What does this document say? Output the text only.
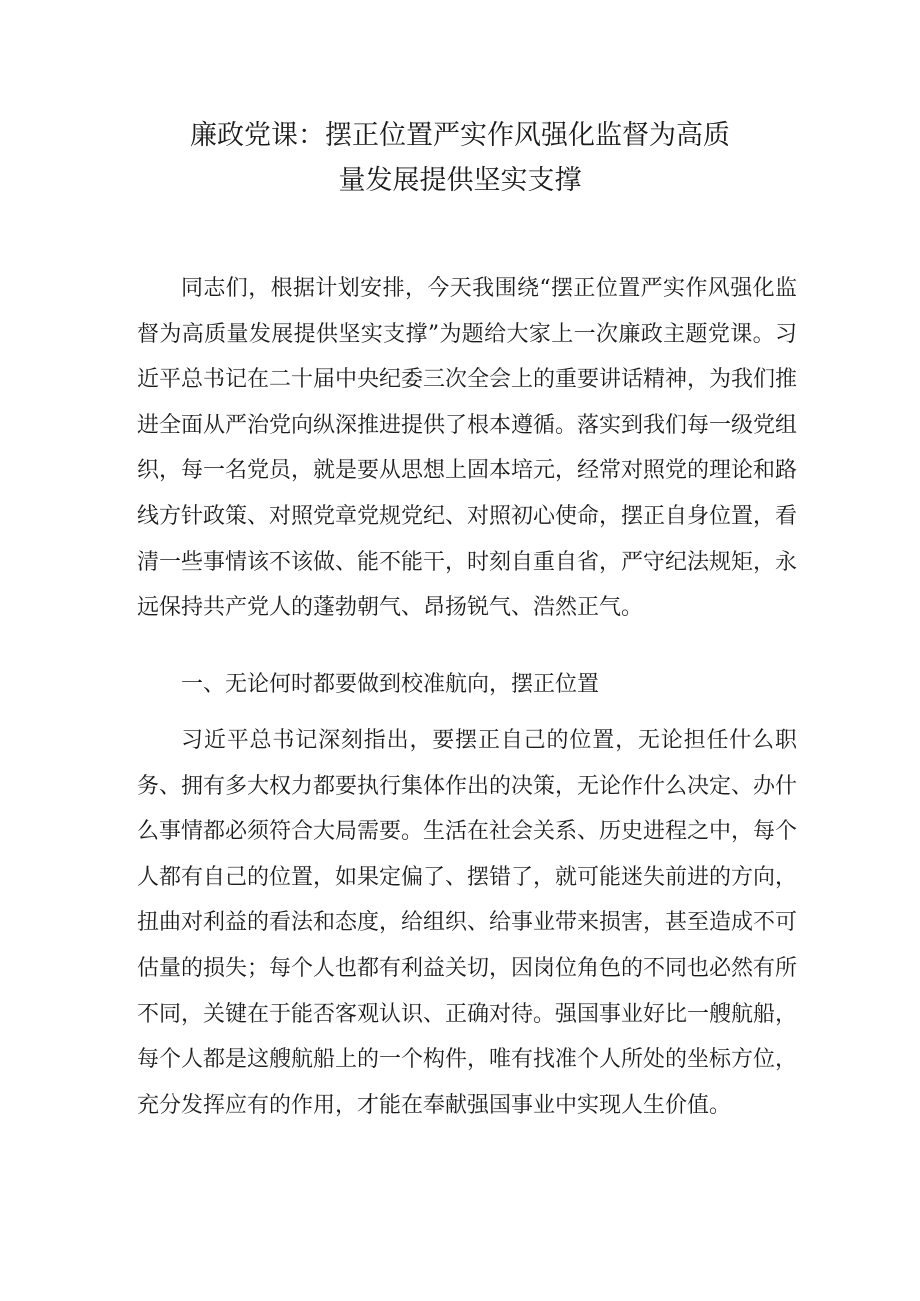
廉政党课：摆正位置严实作风强化监督为高质
量发展提供坚实支撑

同志们，根据计划安排，今天我围绕“摆正位置严实作风强化监督为高质量发展提供坚实支撑”为题给大家上一次廉政主题党课。习近平总书记在二十届中央纪委三次全会上的重要讲话精神，为我们推进全面从严治党向纵深推进提供了根本遵循。落实到我们每一级党组织，每一名党员，就是要从思想上固本培元，经常对照党的理论和路线方针政策、对照党章党规党纪、对照初心使命，摆正自身位置，看清一些事情该不该做、能不能干，时刻自重自省，严守纪法规矩，永远保持共产党人的蓬勃朝气、昂扬锐气、浩然正气。

一、无论何时都要做到校准航向，摆正位置

习近平总书记深刻指出，要摆正自己的位置，无论担任什么职务、拥有多大权力都要执行集体作出的决策，无论作什么决定、办什么事情都必须符合大局需要。生活在社会关系、历史进程之中，每个人都有自己的位置，如果定偏了、摆错了，就可能迷失前进的方向，扭曲对利益的看法和态度，给组织、给事业带来损害，甚至造成不可估量的损失；每个人也都有利益关切，因岗位角色的不同也必然有所不同，关键在于能否客观认识、正确对待。强国事业好比一艘航船，每个人都是这艘航船上的一个构件，唯有找准个人所处的坐标方位，充分发挥应有的作用，才能在奉献强国事业中实现人生价值。
